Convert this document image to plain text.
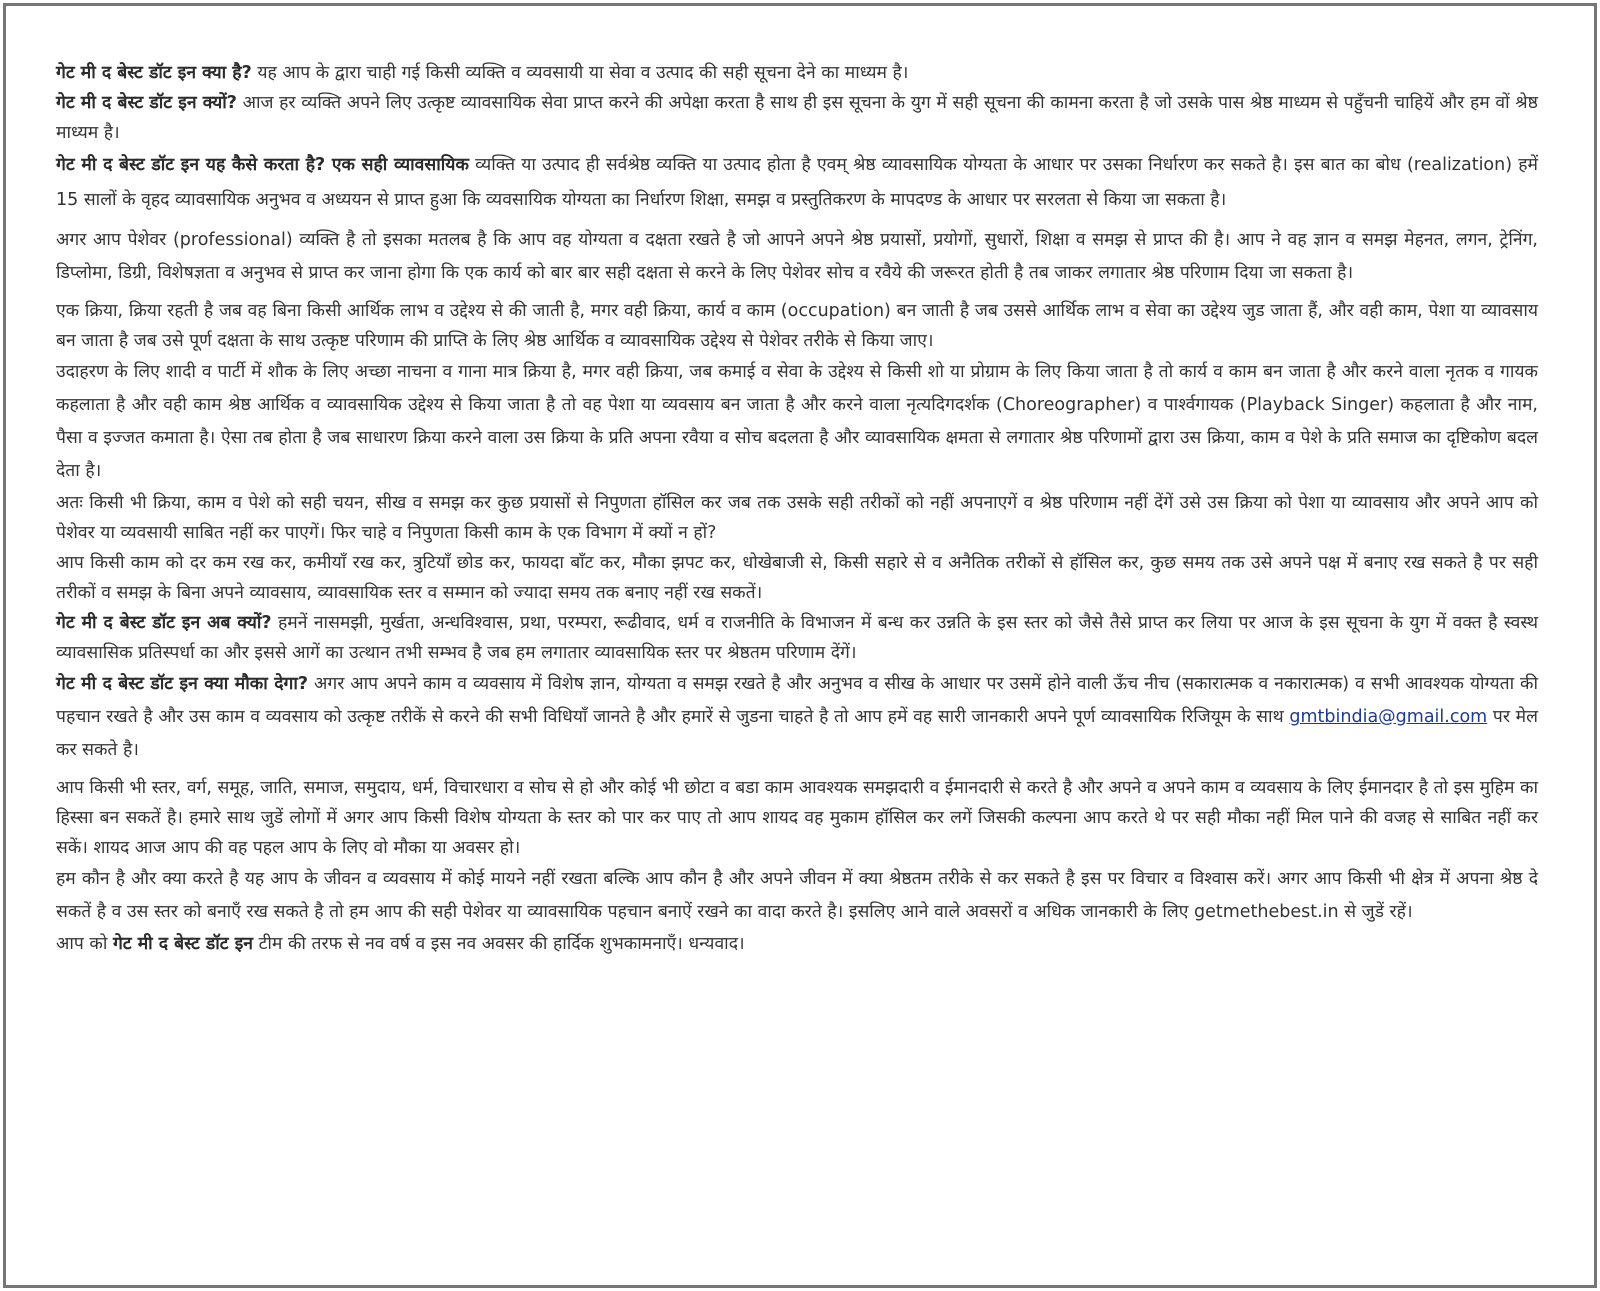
गेट मी द बेस्ट डॉट इन क्या है? यह आप के द्वारा चाही गई किसी व्यक्ति व व्यवसायी या सेवा व उत्पाद की सही सूचना देने का माध्यम है।

गेट मी द बेस्ट डॉट इन क्यों? आज हर व्यक्ति अपने लिए उत्कृष्ट व्यावसायिक सेवा प्राप्त करने की अपेक्षा करता है साथ ही इस सूचना के युग में सही सूचना की कामना करता है जो उसके पास श्रेष्ठ माध्यम से पहुँचनी चाहियें और हम वों श्रेष्ठ माध्यम है।

गेट मी द बेस्ट डॉट इन यह कैसे करता है? एक सही व्यावसायिक व्यक्ति या उत्पाद ही सर्वश्रेष्ठ व्यक्ति या उत्पाद होता है एवम् श्रेष्ठ व्यावसायिक योग्यता के आधार पर उसका निर्धारण कर सकते है। इस बात का बोध (realization) हमें 15 सालों के वृहद व्यावसायिक अनुभव व अध्ययन से प्राप्त हुआ कि व्यवसायिक योग्यता का निर्धारण शिक्षा, समझ व प्रस्तुतिकरण के मापदण्ड के आधार पर सरलता से किया जा सकता है।

अगर आप पेशेवर (professional) व्यक्ति है तो इसका मतलब है कि आप वह योग्यता व दक्षता रखते है जो आपने अपने श्रेष्ठ प्रयासों, प्रयोगों, सुधारों, शिक्षा व समझ से प्राप्त की है। आप ने वह ज्ञान व समझ मेहनत, लगन, ट्रेनिंग, डिप्लोमा, डिग्री, विशेषज्ञता व अनुभव से प्राप्त कर जाना होगा कि एक कार्य को बार बार सही दक्षता से करने के लिए पेशेवर सोच व रवैये की जरूरत होती है तब जाकर लगातार श्रेष्ठ परिणाम दिया जा सकता है।

एक क्रिया, क्रिया रहती है जब वह बिना किसी आर्थिक लाभ व उद्देश्य से की जाती है, मगर वही क्रिया, कार्य व काम (occupation) बन जाती है जब उससे आर्थिक लाभ व सेवा का उद्देश्य जुड जाता हैं, और वही काम, पेशा या व्यावसाय बन जाता है जब उसे पूर्ण दक्षता के साथ उत्कृष्ट परिणाम की प्राप्ति के लिए श्रेष्ठ आर्थिक व व्यावसायिक उद्देश्य से पेशेवर तरीके से किया जाए।

उदाहरण के लिए शादी व पार्टी में शौक के लिए अच्छा नाचना व गाना मात्र क्रिया है, मगर वही क्रिया, जब कमाई व सेवा के उद्देश्य से किसी शो या प्रोग्राम के लिए किया जाता है तो कार्य व काम बन जाता है और करने वाला नृतक व गायक कहलाता है और वही काम श्रेष्ठ आर्थिक व व्यावसायिक उद्देश्य से किया जाता है तो वह पेशा या व्यवसाय बन जाता है और करने वाला नृत्यदिगदर्शक (Choreographer) व पार्श्वगायक (Playback Singer) कहलाता है और नाम, पैसा व इज्जत कमाता है। ऐसा तब होता है जब साधारण क्रिया करने वाला उस क्रिया के प्रति अपना रवैया व सोच बदलता है और व्यावसायिक क्षमता से लगातार श्रेष्ठ परिणामों द्वारा उस क्रिया, काम व पेशे के प्रति समाज का दृष्टिकोण बदल देता है।

अतः किसी भी क्रिया, काम व पेशे को सही चयन, सीख व समझ कर कुछ प्रयासों से निपुणता हॉसिल कर जब तक उसके सही तरीकों को नहीं अपनाएगें व श्रेष्ठ परिणाम नहीं देंगें उसे उस क्रिया को पेशा या व्यावसाय और अपने आप को पेशेवर या व्यवसायी साबित नहीं कर पाएगें। फिर चाहे व निपुणता किसी काम के एक विभाग में क्यों न हों?

आप किसी काम को दर कम रख कर, कमीयाँ रख कर, त्रुटियाँ छोड कर, फायदा बाँट कर, मौका झपट कर, धोखेबाजी से, किसी सहारे से व अनैतिक तरीकों से हॉसिल कर, कुछ समय तक उसे अपने पक्ष में बनाए रख सकते है पर सही तरीकों व समझ के बिना अपने व्यावसाय, व्यावसायिक स्तर व सम्मान को ज्यादा समय तक बनाए नहीं रख सकतें।

गेट मी द बेस्ट डॉट इन अब क्यों? हमनें नासमझी, मुर्खता, अन्धविश्वास, प्रथा, परम्परा, रूढीवाद, धर्म व राजनीति के विभाजन में बन्ध कर उन्नति के इस स्तर को जैसे तैसे प्राप्त कर लिया पर आज के इस सूचना के युग में वक्त है स्वस्थ व्यावसासिक प्रतिस्पर्धा का और इससे आगें का उत्थान तभी सम्भव है जब हम लगातार व्यावसायिक स्तर पर श्रेष्ठतम परिणाम देंगें।

गेट मी द बेस्ट डॉट इन क्या मौका देगा? अगर आप अपने काम व व्यवसाय में विशेष ज्ञान, योग्यता व समझ रखते है और अनुभव व सीख के आधार पर उसमें होने वाली ऊँच नीच (सकारात्मक व नकारात्मक) व सभी आवश्यक योग्यता की पहचान रखते है और उस काम व व्यवसाय को उत्कृष्ट तरीकें से करने की सभी विधियाँ जानते है और हमारें से जुडना चाहते है तो आप हमें वह सारी जानकारी अपने पूर्ण व्यावसायिक रिजियूम के साथ gmtbindia@gmail.com पर मेल कर सकते है।

आप किसी भी स्तर, वर्ग, समूह, जाति, समाज, समुदाय, धर्म, विचारधारा व सोच से हो और कोई भी छोटा व बडा काम आवश्यक समझदारी व ईमानदारी से करते है और अपने व अपने काम व व्यवसाय के लिए ईमानदार है तो इस मुहिम का हिस्सा बन सकतें है। हमारे साथ जुडें लोगों में अगर आप किसी विशेष योग्यता के स्तर को पार कर पाए तो आप शायद वह मुकाम हॉसिल कर लगें जिसकी कल्पना आप करते थे पर सही मौका नहीं मिल पाने की वजह से साबित नहीं कर सकें। शायद आज आप की वह पहल आप के लिए वो मौका या अवसर हो।

हम कौन है और क्या करते है यह आप के जीवन व व्यवसाय में कोई मायने नहीं रखता बल्कि आप कौन है और अपने जीवन में क्या श्रेष्ठतम तरीके से कर सकते है इस पर विचार व विश्वास करें। अगर आप किसी भी क्षेत्र में अपना श्रेष्ठ दे सकतें है व उस स्तर को बनाएँ रख सकते है तो हम आप की सही पेशेवर या व्यावसायिक पहचान बनाऐं रखने का वादा करते है। इसलिए आने वाले अवसरों व अधिक जानकारी के लिए getmethebest.in से जुडें रहें।

आप को गेट मी द बेस्ट डॉट इन टीम की तरफ से नव वर्ष व इस नव अवसर की हार्दिक शुभकामनाएँ। धन्यवाद।
